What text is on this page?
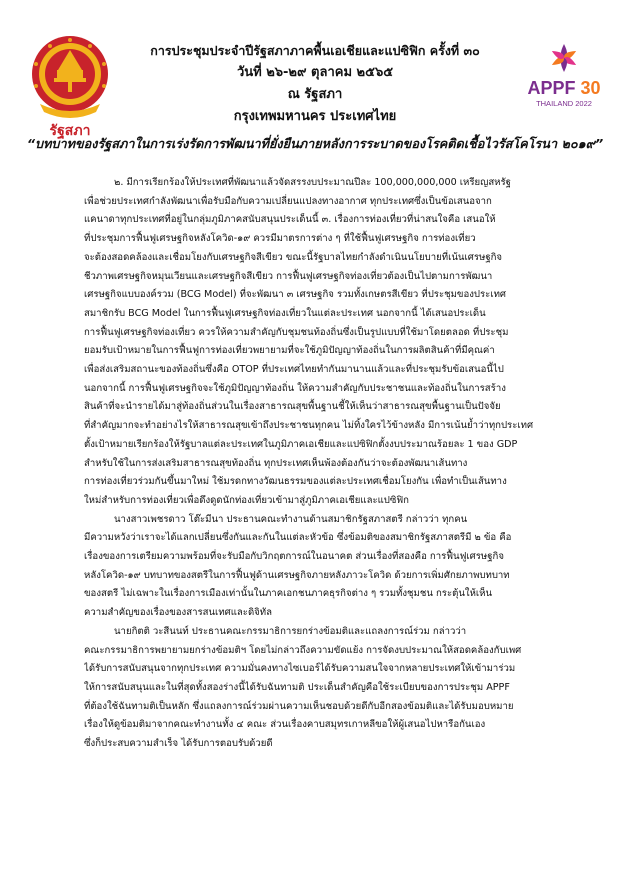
รัฐสภา
APPF 30
THAILAND 2022
การประชุมประจำปีรัฐสภาภาคพื้นเอเชียและแปซิฟิก ครั้งที่ ๓๐
วันที่ ๒๖-๒๙ ตุลาคม ๒๕๖๕
ณ รัฐสภา
กรุงเทพมหานคร ประเทศไทย
“บทบาทของรัฐสภาในการเร่งรัดการพัฒนาที่ยั่งยืนภายหลังการระบาดของโรคติดเชื้อไวรัสโคโรนา ๒๐๑๙”

๒. มีการเรียกร้องให้ประเทศที่พัฒนาแล้วจัดสรรงบประมาณปีละ 100,000,000,000 เหรียญสหรัฐ
เพื่อช่วยประเทศกำลังพัฒนาเพื่อรับมือกับความเปลี่ยนแปลงทางอากาศ ทุกประเทศซึ่งเป็นข้อเสนอจาก
แคนาดาทุกประเทศที่อยู่ในกลุ่มภูมิภาคสนับสนุนประเด็นนี้ ๓. เรื่องการท่องเที่ยวที่น่าสนใจคือ เสนอให้
ที่ประชุมการฟื้นฟูเศรษฐกิจหลังโควิด-๑๙ ควรมีมาตรการต่าง ๆ ที่ใช้ฟื้นฟูเศรษฐกิจ การท่องเที่ยว
จะต้องสอดคล้องและเชื่อมโยงกับเศรษฐกิจสีเขียว ขณะนี้รัฐบาลไทยกำลังดำเนินนโยบายที่เน้นเศรษฐกิจ
ชีวภาพเศรษฐกิจหมุนเวียนและเศรษฐกิจสีเขียว การฟื้นฟูเศรษฐกิจท่องเที่ยวต้องเป็นไปตามการพัฒนา
เศรษฐกิจแบบองค์รวม (BCG Model) ที่จะพัฒนา ๓ เศรษฐกิจ รวมทั้งเกษตรสีเขียว ที่ประชุมของประเทศ
สมาชิกรับ BCG Model ในการฟื้นฟูเศรษฐกิจท่องเที่ยวในแต่ละประเทศ นอกจากนี้ ได้เสนอประเด็น
การฟื้นฟูเศรษฐกิจท่องเที่ยว ควรให้ความสำคัญกับชุมชนท้องถิ่นซึ่งเป็นรูปแบบที่ใช้มาโดยตลอด ที่ประชุม
ยอมรับเป้าหมายในการฟื้นฟูการท่องเที่ยวพยายามที่จะใช้ภูมิปัญญาท้องถิ่นในการผลิตสินค้าที่มีคุณค่า
เพื่อส่งเสริมสถานะของท้องถิ่นซึ่งคือ OTOP ที่ประเทศไทยทำกันมานานแล้วและที่ประชุมรับข้อเสนอนี้ไป
นอกจากนี้ การฟื้นฟูเศรษฐกิจจะใช้ภูมิปัญญาท้องถิ่น ให้ความสำคัญกับประชาชนและท้องถิ่นในการสร้าง
สินค้าที่จะนำรายได้มาสู่ท้องถิ่นส่วนในเรื่องสาธารณสุขพื้นฐานชี้ให้เห็นว่าสาธารณสุขพื้นฐานเป็นปัจจัย
ที่สำคัญมากจะทำอย่างไรให้สาธารณสุขเข้าถึงประชาชนทุกคน ไม่ทิ้งใครไว้ข้างหลัง มีการเน้นย้ำว่าทุกประเทศ
ตั้งเป้าหมายเรียกร้องให้รัฐบาลแต่ละประเทศในภูมิภาคเอเชียและแปซิฟิกตั้งงบประมาณร้อยละ 1 ของ GDP
สำหรับใช้ในการส่งเสริมสาธารณสุขท้องถิ่น ทุกประเทศเห็นพ้องต้องกันว่าจะต้องพัฒนาเส้นทาง
การท่องเที่ยวร่วมกันขึ้นมาใหม่ ใช้มรดกทางวัฒนธรรมของแต่ละประเทศเชื่อมโยงกัน เพื่อทำเป็นเส้นทาง
ใหม่สำหรับการท่องเที่ยวเพื่อดึงดูดนักท่องเที่ยวเข้ามาสู่ภูมิภาคเอเชียและแปซิฟิก

นางสาวเพชรดาว โต๊ะมีนา ประธานคณะทำงานด้านสมาชิกรัฐสภาสตรี กล่าวว่า ทุกคน
มีความหวังว่าเราจะได้แลกเปลี่ยนซึ่งกันและกันในแต่ละหัวข้อ ซึ่งข้อมติของสมาชิกรัฐสภาสตรีมี ๒ ข้อ คือ
เรื่องของการเตรียมความพร้อมที่จะรับมือกับวิกฤตการณ์ในอนาคต ส่วนเรื่องที่สองคือ การฟื้นฟูเศรษฐกิจ
หลังโควิด-๑๙ บทบาทของสตรีในการฟื้นฟูด้านเศรษฐกิจภายหลังภาวะโควิด ด้วยการเพิ่มศักยภาพบทบาท
ของสตรี ไม่เฉพาะในเรื่องการเมืองเท่านั้นในภาคเอกชนภาคธุรกิจต่าง ๆ รวมทั้งชุมชน กระตุ้นให้เห็น
ความสำคัญของเรื่องของสารสนเทศและดิจิทัล

นายกิตติ วะสีนนท์ ประธานคณะกรรมาธิการยกร่างข้อมติและแถลงการณ์ร่วม กล่าวว่า
คณะกรรมาธิการพยายามยกร่างข้อมติฯ โดยไม่กล่าวถึงความขัดแย้ง การจัดงบประมาณให้สอดคล้องกับเพศ
ได้รับการสนับสนุนจากทุกประเทศ ความมั่นคงทางไซเบอร์ได้รับความสนใจจากหลายประเทศให้เข้ามาร่วม
ให้การสนับสนุนและในที่สุดทั้งสองร่างนี้ได้รับฉันทามติ ประเด็นสำคัญคือใช้ระเบียบของการประชุม APPF
ที่ต้องใช้ฉันทามติเป็นหลัก ซึ่งแถลงการณ์ร่วมผ่านความเห็นชอบด้วยดีกับอีกสองข้อมติและได้รับมอบหมาย
เรื่องให้ดูข้อมติมาจากคณะทำงานทั้ง ๔ คณะ ส่วนเรื่องคาบสมุทรเกาหลีขอให้ผู้เสนอไปหารือกันเอง
ซึ่งก็ประสบความสำเร็จ ได้รับการตอบรับด้วยดี
